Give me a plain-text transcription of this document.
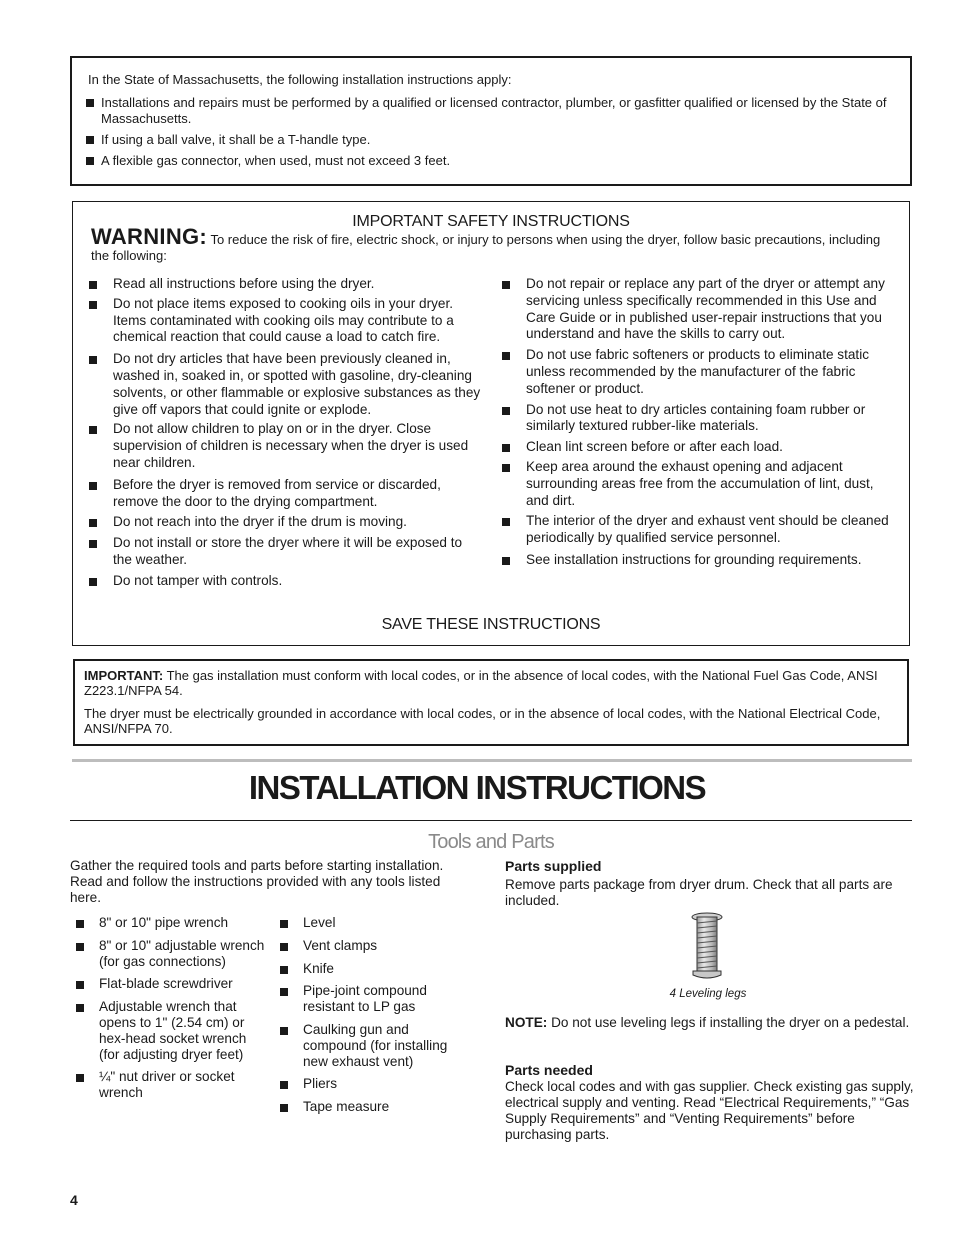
In the State of Massachusetts, the following installation instructions apply:
Installations and repairs must be performed by a qualified or licensed contractor, plumber, or gasfitter qualified or licensed by the State of Massachusetts.
If using a ball valve, it shall be a T-handle type.
A flexible gas connector, when used, must not exceed 3 feet.
IMPORTANT SAFETY INSTRUCTIONS
WARNING: To reduce the risk of fire, electric shock, or injury to persons when using the dryer, follow basic precautions, including the following:
Read all instructions before using the dryer.
Do not place items exposed to cooking oils in your dryer. Items contaminated with cooking oils may contribute to a chemical reaction that could cause a load to catch fire.
Do not dry articles that have been previously cleaned in, washed in, soaked in, or spotted with gasoline, dry-cleaning solvents, or other flammable or explosive substances as they give off vapors that could ignite or explode.
Do not allow children to play on or in the dryer. Close supervision of children is necessary when the dryer is used near children.
Before the dryer is removed from service or discarded, remove the door to the drying compartment.
Do not reach into the dryer if the drum is moving.
Do not install or store the dryer where it will be exposed to the weather.
Do not tamper with controls.
Do not repair or replace any part of the dryer or attempt any servicing unless specifically recommended in this Use and Care Guide or in published user-repair instructions that you understand and have the skills to carry out.
Do not use fabric softeners or products to eliminate static unless recommended by the manufacturer of the fabric softener or product.
Do not use heat to dry articles containing foam rubber or similarly textured rubber-like materials.
Clean lint screen before or after each load.
Keep area around the exhaust opening and adjacent surrounding areas free from the accumulation of lint, dust, and dirt.
The interior of the dryer and exhaust vent should be cleaned periodically by qualified service personnel.
See installation instructions for grounding requirements.
SAVE THESE INSTRUCTIONS

IMPORTANT: The gas installation must conform with local codes, or in the absence of local codes, with the National Fuel Gas Code, ANSI Z223.1/NFPA 54.

The dryer must be electrically grounded in accordance with local codes, or in the absence of local codes, with the National Electrical Code, ANSI/NFPA 70.

INSTALLATION INSTRUCTIONS
Tools and Parts
Gather the required tools and parts before starting installation. Read and follow the instructions provided with any tools listed here.
8" or 10" pipe wrench
8" or 10" adjustable wrench (for gas connections)
Flat-blade screwdriver
Adjustable wrench that opens to 1" (2.54 cm) or hex-head socket wrench (for adjusting dryer feet)
¼" nut driver or socket wrench
Level
Vent clamps
Knife
Pipe-joint compound resistant to LP gas
Caulking gun and compound (for installing new exhaust vent)
Pliers
Tape measure
Parts supplied
Remove parts package from dryer drum. Check that all parts are included.
4 Leveling legs
NOTE: Do not use leveling legs if installing the dryer on a pedestal.
Parts needed
Check local codes and with gas supplier. Check existing gas supply, electrical supply and venting. Read “Electrical Requirements,” “Gas Supply Requirements” and “Venting Requirements” before purchasing parts.
4
